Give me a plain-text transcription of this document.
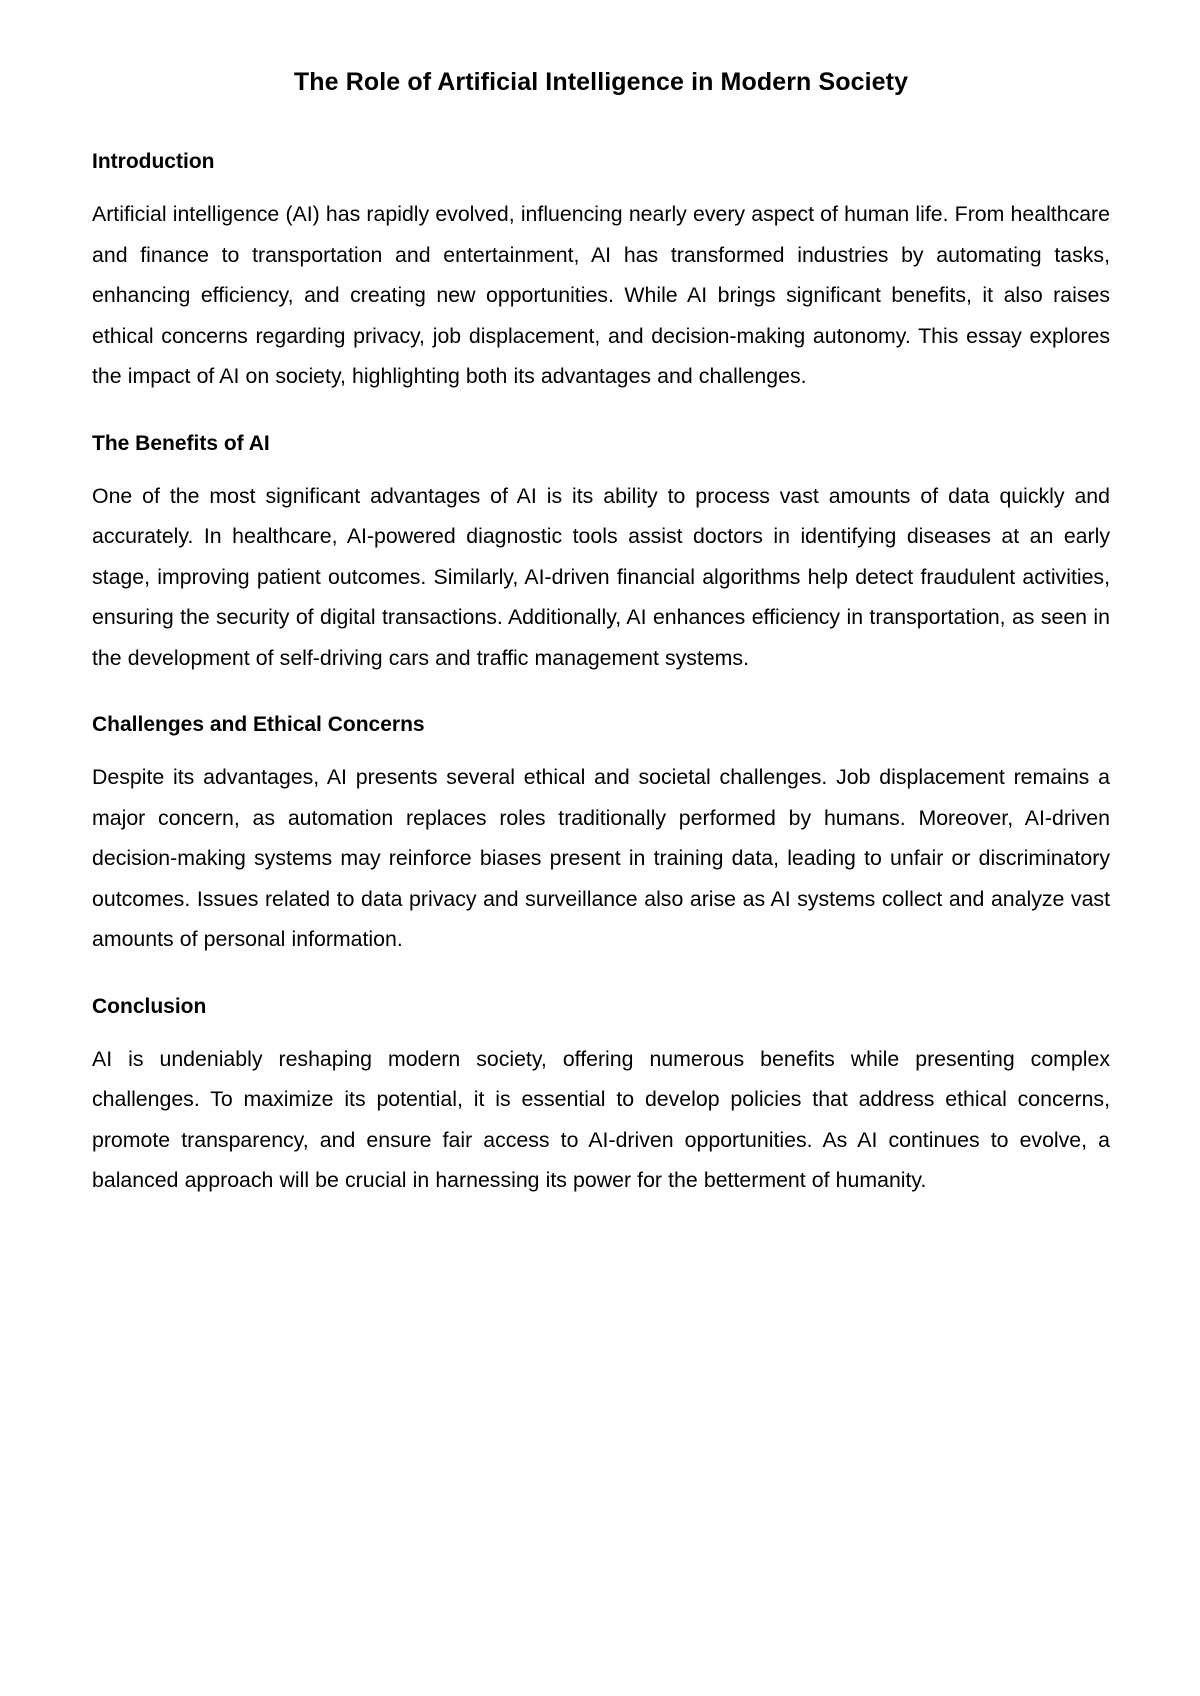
The Role of Artificial Intelligence in Modern Society
Introduction

Artificial intelligence (AI) has rapidly evolved, influencing nearly every aspect of human life. From healthcare and finance to transportation and entertainment, AI has transformed industries by automating tasks, enhancing efficiency, and creating new opportunities. While AI brings significant benefits, it also raises ethical concerns regarding privacy, job displacement, and decision-making autonomy. This essay explores the impact of AI on society, highlighting both its advantages and challenges.

The Benefits of AI

One of the most significant advantages of AI is its ability to process vast amounts of data quickly and accurately. In healthcare, AI-powered diagnostic tools assist doctors in identifying diseases at an early stage, improving patient outcomes. Similarly, AI-driven financial algorithms help detect fraudulent activities, ensuring the security of digital transactions. Additionally, AI enhances efficiency in transportation, as seen in the development of self-driving cars and traffic management systems.

Challenges and Ethical Concerns

Despite its advantages, AI presents several ethical and societal challenges. Job displacement remains a major concern, as automation replaces roles traditionally performed by humans. Moreover, AI-driven decision-making systems may reinforce biases present in training data, leading to unfair or discriminatory outcomes. Issues related to data privacy and surveillance also arise as AI systems collect and analyze vast amounts of personal information.

Conclusion

AI is undeniably reshaping modern society, offering numerous benefits while presenting complex challenges. To maximize its potential, it is essential to develop policies that address ethical concerns, promote transparency, and ensure fair access to AI-driven opportunities. As AI continues to evolve, a balanced approach will be crucial in harnessing its power for the betterment of humanity.
